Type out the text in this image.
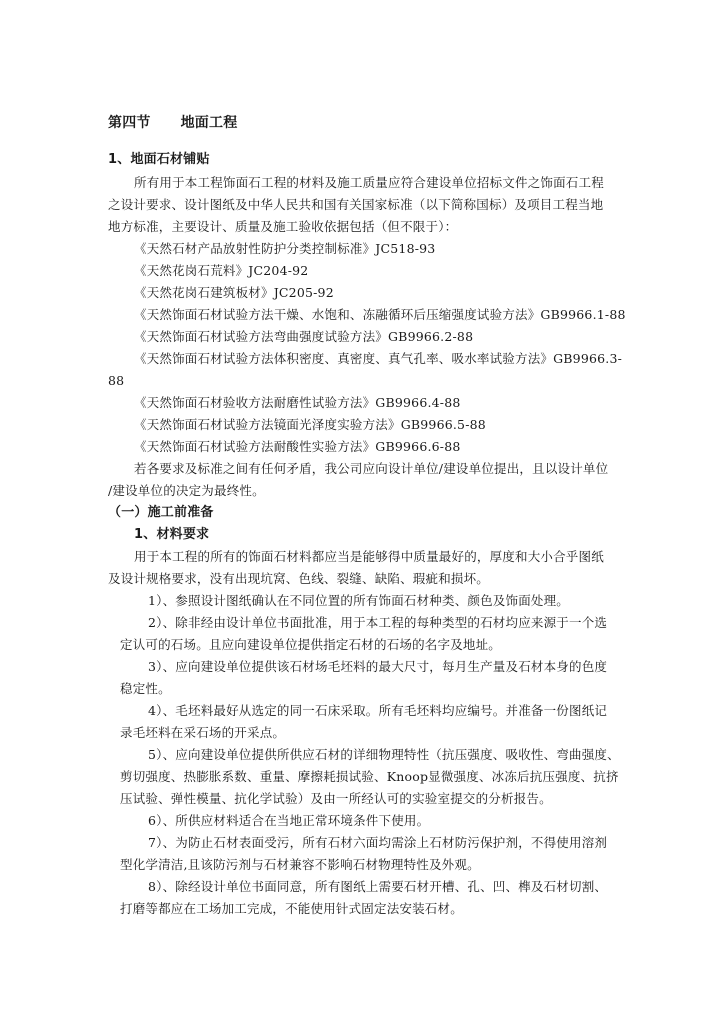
第四节 地面工程

1、地面石材铺贴

所有用于本工程饰面石工程的材料及施工质量应符合建设单位招标文件之饰面石工程

之设计要求、设计图纸及中华人民共和国有关国家标准（以下简称国标）及项目工程当地

地方标准，主要设计、质量及施工验收依据包括（但不限于）：

《天然石材产品放射性防护分类控制标准》JC518-93

《天然花岗石荒料》JC204-92

《天然花岗石建筑板材》JC205-92

《天然饰面石材试验方法干燥、水饱和、冻融循环后压缩强度试验方法》GB9966.1-88

《天然饰面石材试验方法弯曲强度试验方法》GB9966.2-88

《天然饰面石材试验方法体积密度、真密度、真气孔率、吸水率试验方法》GB9966.3-

88

《天然饰面石材验收方法耐磨性试验方法》GB9966.4-88

《天然饰面石材试验方法镜面光泽度实验方法》GB9966.5-88

《天然饰面石材试验方法耐酸性实验方法》GB9966.6-88

若各要求及标准之间有任何矛盾，我公司应向设计单位/建设单位提出，且以设计单位

/建设单位的决定为最终性。

（一）施工前准备

1、材料要求

用于本工程的所有的饰面石材料都应当是能够得中质量最好的，厚度和大小合乎图纸

及设计规格要求，没有出现坑窝、色线、裂缝、缺陷、瑕疵和损坏。

1）、参照设计图纸确认在不同位置的所有饰面石材种类、颜色及饰面处理。

2）、除非经由设计单位书面批准，用于本工程的每种类型的石材均应来源于一个选

定认可的石场。且应向建设单位提供指定石材的石场的名字及地址。

3）、应向建设单位提供该石材场毛坯料的最大尺寸，每月生产量及石材本身的色度

稳定性。

4）、毛坯料最好从选定的同一石床采取。所有毛坯料均应编号。并准备一份图纸记

录毛坯料在采石场的开采点。

5）、应向建设单位提供所供应石材的详细物理特性（抗压强度、吸收性、弯曲强度、

剪切强度、热膨胀系数、重量、摩擦耗损试验、Knoop显微强度、冰冻后抗压强度、抗挤

压试验、弹性模量、抗化学试验）及由一所经认可的实验室提交的分析报告。

6）、所供应材料适合在当地正常环境条件下使用。

7）、为防止石材表面受污，所有石材六面均需涂上石材防污保护剂，不得使用溶剂

型化学清洁,且该防污剂与石材兼容不影响石材物理特性及外观。

8）、除经设计单位书面同意，所有图纸上需要石材开槽、孔、凹、榫及石材切割、

打磨等都应在工场加工完成，不能使用针式固定法安装石材。
